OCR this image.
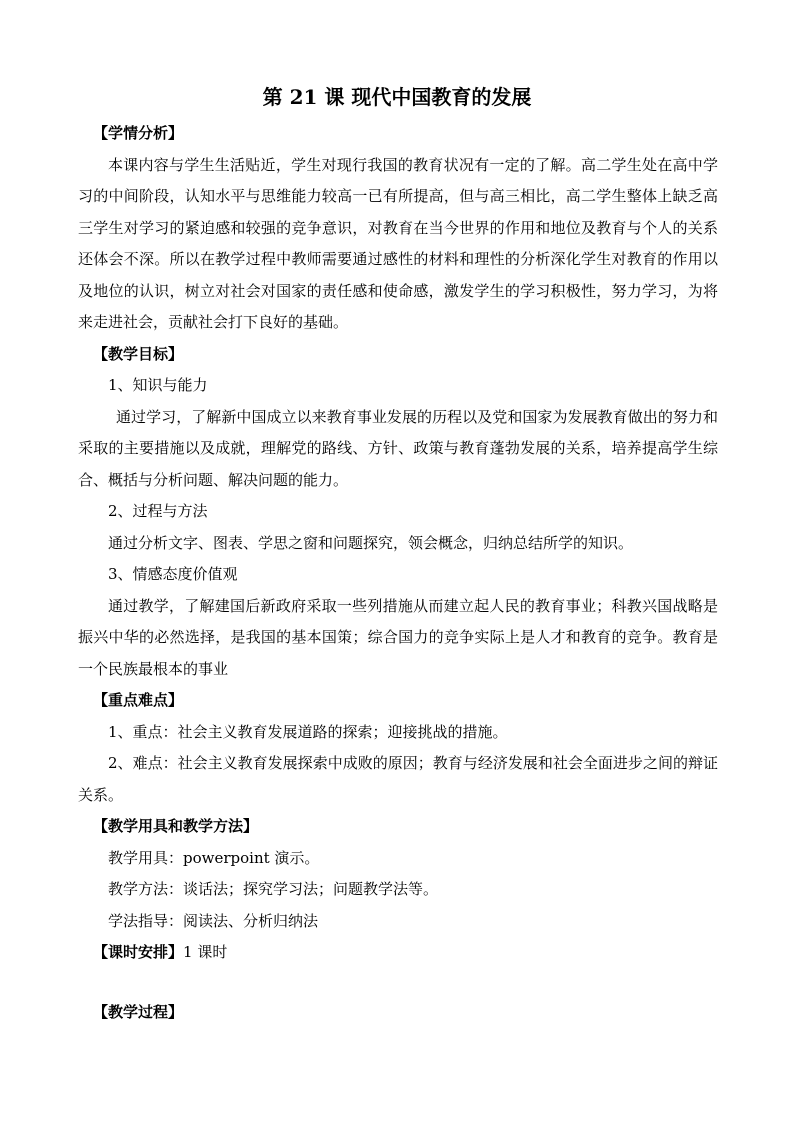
第 21 课 现代中国教育的发展

【学情分析】

本课内容与学生生活贴近，学生对现行我国的教育状况有一定的了解。高二学生处在高中学习的中间阶段，认知水平与思维能力较高一已有所提高，但与高三相比，高二学生整体上缺乏高三学生对学习的紧迫感和较强的竞争意识，对教育在当今世界的作用和地位及教育与个人的关系还体会不深。所以在教学过程中教师需要通过感性的材料和理性的分析深化学生对教育的作用以及地位的认识，树立对社会对国家的责任感和使命感，激发学生的学习积极性，努力学习，为将来走进社会，贡献社会打下良好的基础。

【教学目标】

1、知识与能力

通过学习，了解新中国成立以来教育事业发展的历程以及党和国家为发展教育做出的努力和采取的主要措施以及成就，理解党的路线、方针、政策与教育蓬勃发展的关系，培养提高学生综合、概括与分析问题、解决问题的能力。

2、过程与方法

通过分析文字、图表、学思之窗和问题探究，领会概念，归纳总结所学的知识。

3、情感态度价值观

通过教学，了解建国后新政府采取一些列措施从而建立起人民的教育事业；科教兴国战略是振兴中华的必然选择，是我国的基本国策；综合国力的竞争实际上是人才和教育的竞争。教育是一个民族最根本的事业

【重点难点】

1、重点：社会主义教育发展道路的探索；迎接挑战的措施。

2、难点：社会主义教育发展探索中成败的原因；教育与经济发展和社会全面进步之间的辩证关系。

【教学用具和教学方法】

教学用具：powerpoint 演示。

教学方法：谈话法；探究学习法；问题教学法等。

学法指导：阅读法、分析归纳法

【课时安排】1 课时

【教学过程】
